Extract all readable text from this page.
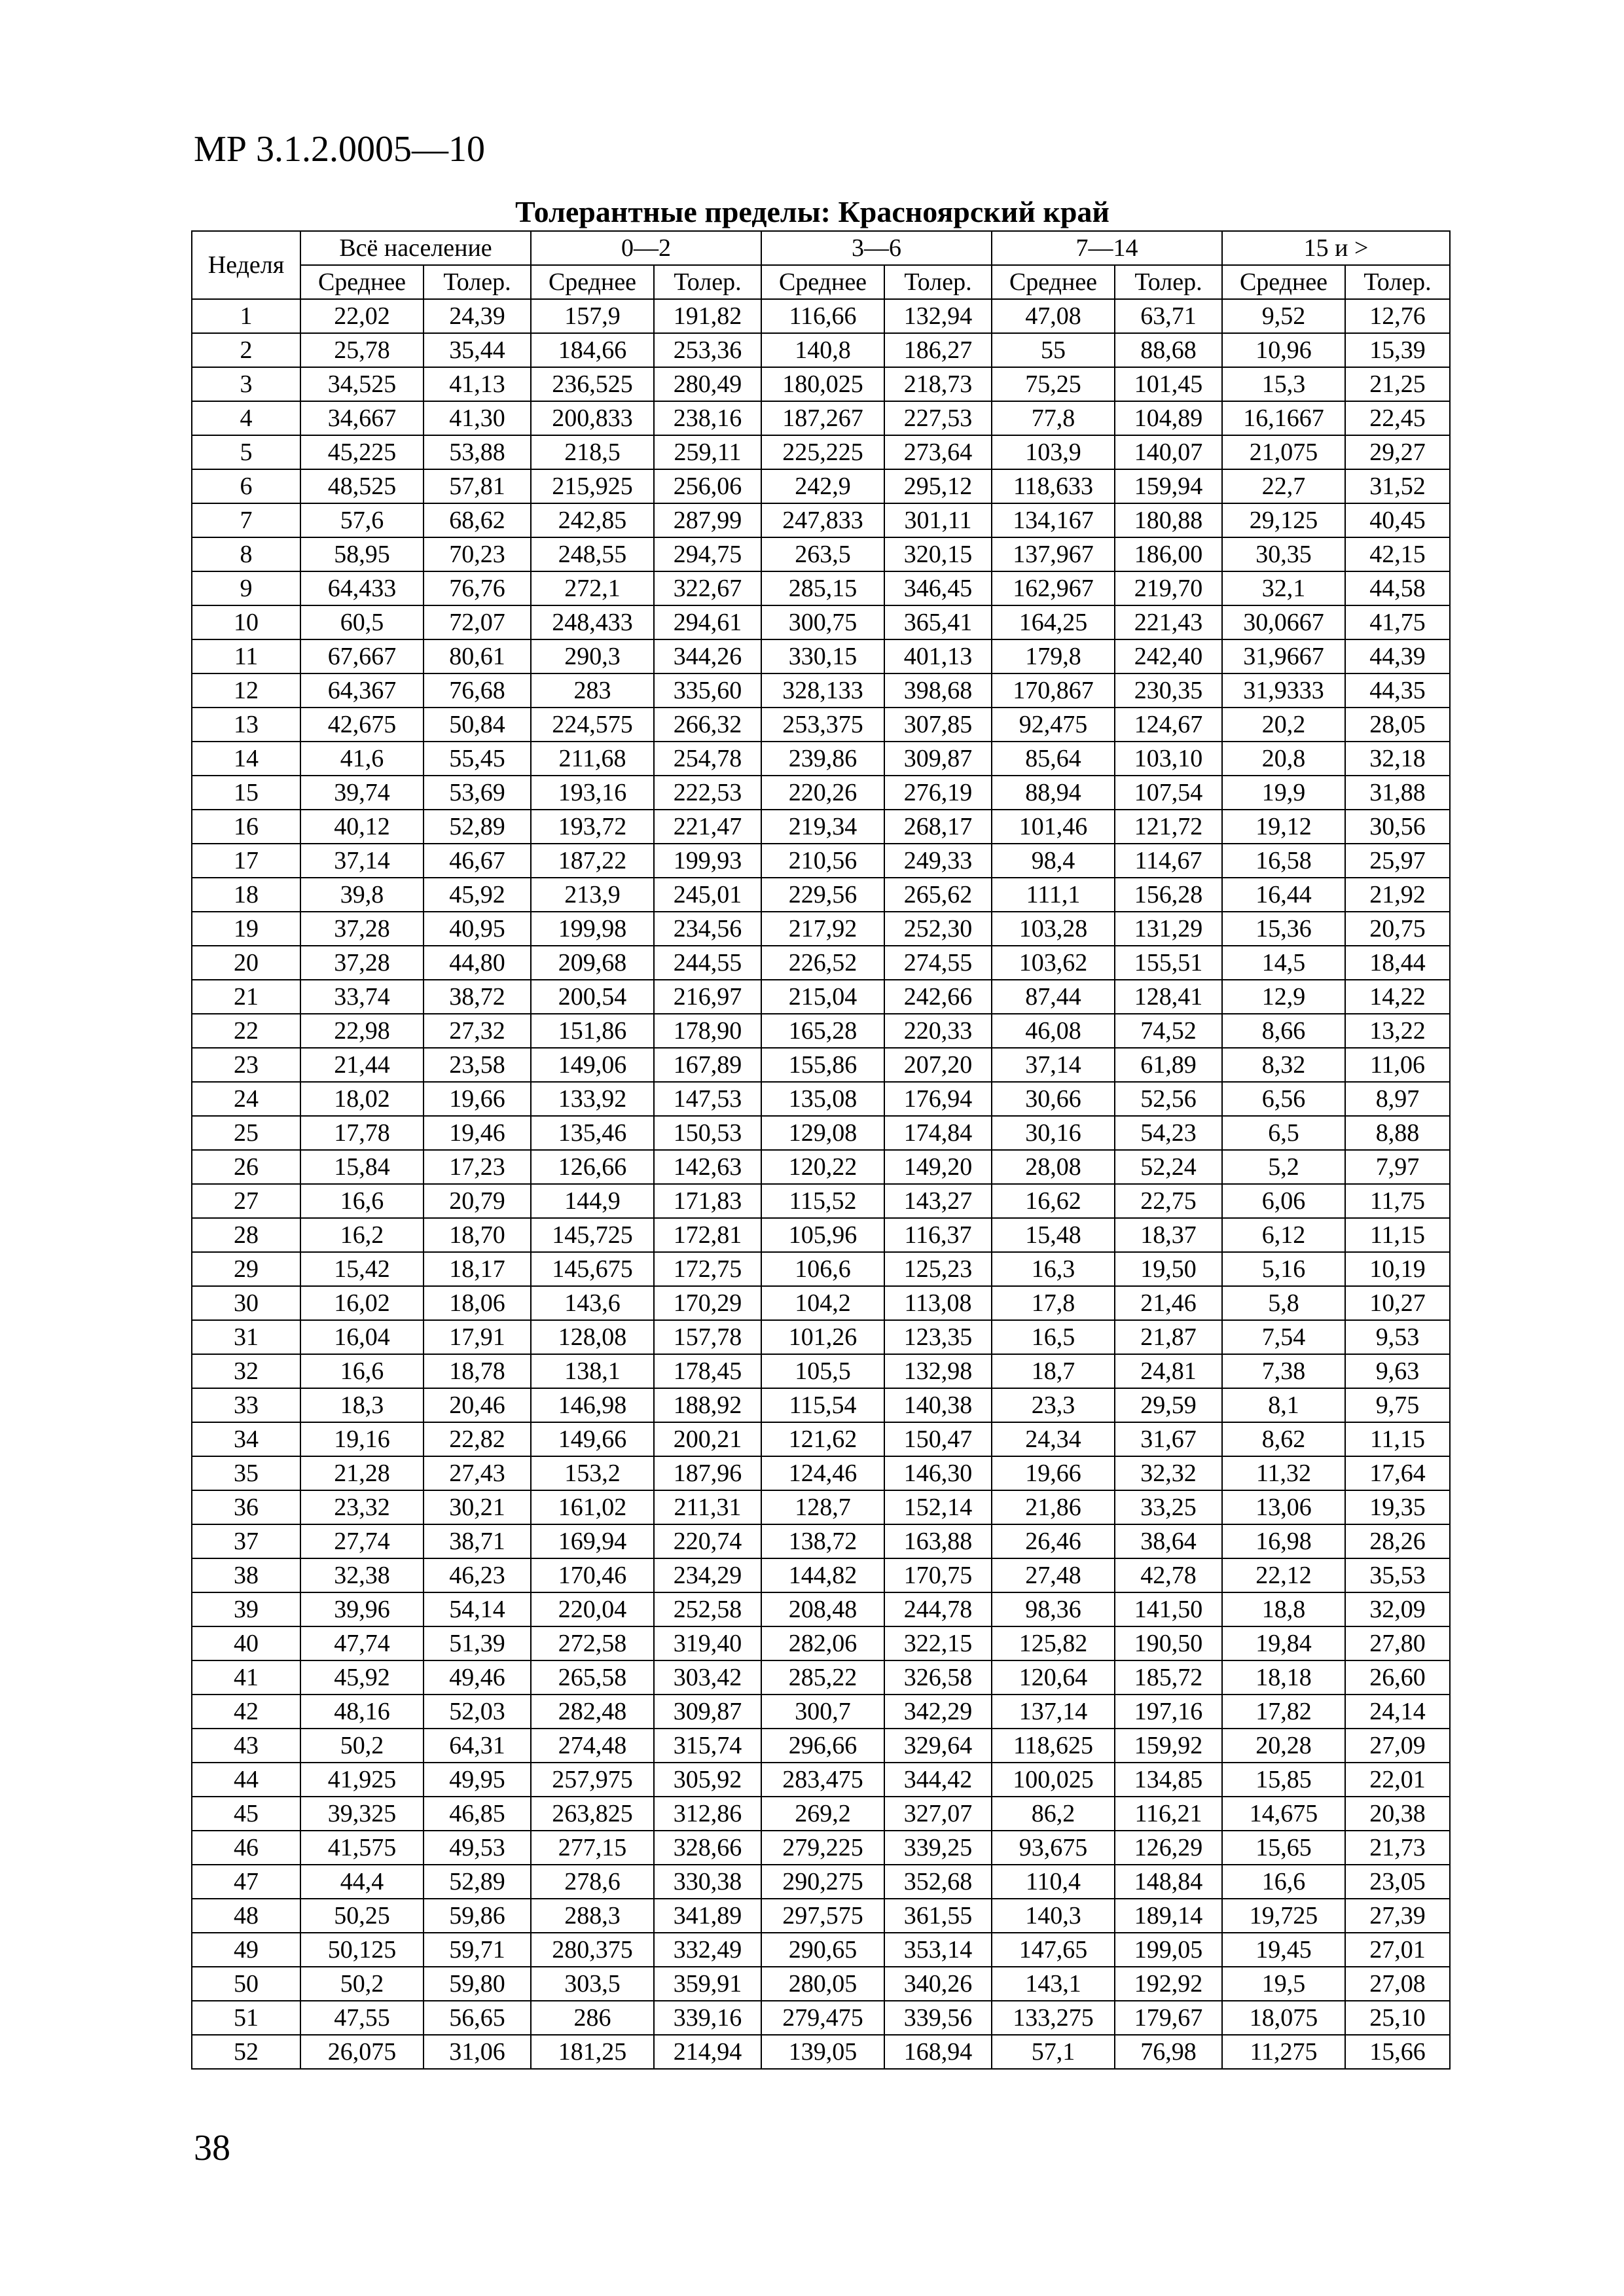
МР 3.1.2.0005—10
Толерантные пределы: Красноярский край
Неделя	Всё население		0—2		3—6		7—14		15 и >	
	Среднее	Толер.	Среднее	Толер.	Среднее	Толер.	Среднее	Толер.	Среднее	Толер.
1	22,02	24,39	157,9	191,82	116,66	132,94	47,08	63,71	9,52	12,76
2	25,78	35,44	184,66	253,36	140,8	186,27	55	88,68	10,96	15,39
3	34,525	41,13	236,525	280,49	180,025	218,73	75,25	101,45	15,3	21,25
4	34,667	41,30	200,833	238,16	187,267	227,53	77,8	104,89	16,1667	22,45
5	45,225	53,88	218,5	259,11	225,225	273,64	103,9	140,07	21,075	29,27
6	48,525	57,81	215,925	256,06	242,9	295,12	118,633	159,94	22,7	31,52
7	57,6	68,62	242,85	287,99	247,833	301,11	134,167	180,88	29,125	40,45
8	58,95	70,23	248,55	294,75	263,5	320,15	137,967	186,00	30,35	42,15
9	64,433	76,76	272,1	322,67	285,15	346,45	162,967	219,70	32,1	44,58
10	60,5	72,07	248,433	294,61	300,75	365,41	164,25	221,43	30,0667	41,75
11	67,667	80,61	290,3	344,26	330,15	401,13	179,8	242,40	31,9667	44,39
12	64,367	76,68	283	335,60	328,133	398,68	170,867	230,35	31,9333	44,35
13	42,675	50,84	224,575	266,32	253,375	307,85	92,475	124,67	20,2	28,05
14	41,6	55,45	211,68	254,78	239,86	309,87	85,64	103,10	20,8	32,18
15	39,74	53,69	193,16	222,53	220,26	276,19	88,94	107,54	19,9	31,88
16	40,12	52,89	193,72	221,47	219,34	268,17	101,46	121,72	19,12	30,56
17	37,14	46,67	187,22	199,93	210,56	249,33	98,4	114,67	16,58	25,97
18	39,8	45,92	213,9	245,01	229,56	265,62	111,1	156,28	16,44	21,92
19	37,28	40,95	199,98	234,56	217,92	252,30	103,28	131,29	15,36	20,75
20	37,28	44,80	209,68	244,55	226,52	274,55	103,62	155,51	14,5	18,44
21	33,74	38,72	200,54	216,97	215,04	242,66	87,44	128,41	12,9	14,22
22	22,98	27,32	151,86	178,90	165,28	220,33	46,08	74,52	8,66	13,22
23	21,44	23,58	149,06	167,89	155,86	207,20	37,14	61,89	8,32	11,06
24	18,02	19,66	133,92	147,53	135,08	176,94	30,66	52,56	6,56	8,97
25	17,78	19,46	135,46	150,53	129,08	174,84	30,16	54,23	6,5	8,88
26	15,84	17,23	126,66	142,63	120,22	149,20	28,08	52,24	5,2	7,97
27	16,6	20,79	144,9	171,83	115,52	143,27	16,62	22,75	6,06	11,75
28	16,2	18,70	145,725	172,81	105,96	116,37	15,48	18,37	6,12	11,15
29	15,42	18,17	145,675	172,75	106,6	125,23	16,3	19,50	5,16	10,19
30	16,02	18,06	143,6	170,29	104,2	113,08	17,8	21,46	5,8	10,27
31	16,04	17,91	128,08	157,78	101,26	123,35	16,5	21,87	7,54	9,53
32	16,6	18,78	138,1	178,45	105,5	132,98	18,7	24,81	7,38	9,63
33	18,3	20,46	146,98	188,92	115,54	140,38	23,3	29,59	8,1	9,75
34	19,16	22,82	149,66	200,21	121,62	150,47	24,34	31,67	8,62	11,15
35	21,28	27,43	153,2	187,96	124,46	146,30	19,66	32,32	11,32	17,64
36	23,32	30,21	161,02	211,31	128,7	152,14	21,86	33,25	13,06	19,35
37	27,74	38,71	169,94	220,74	138,72	163,88	26,46	38,64	16,98	28,26
38	32,38	46,23	170,46	234,29	144,82	170,75	27,48	42,78	22,12	35,53
39	39,96	54,14	220,04	252,58	208,48	244,78	98,36	141,50	18,8	32,09
40	47,74	51,39	272,58	319,40	282,06	322,15	125,82	190,50	19,84	27,80
41	45,92	49,46	265,58	303,42	285,22	326,58	120,64	185,72	18,18	26,60
42	48,16	52,03	282,48	309,87	300,7	342,29	137,14	197,16	17,82	24,14
43	50,2	64,31	274,48	315,74	296,66	329,64	118,625	159,92	20,28	27,09
44	41,925	49,95	257,975	305,92	283,475	344,42	100,025	134,85	15,85	22,01
45	39,325	46,85	263,825	312,86	269,2	327,07	86,2	116,21	14,675	20,38
46	41,575	49,53	277,15	328,66	279,225	339,25	93,675	126,29	15,65	21,73
47	44,4	52,89	278,6	330,38	290,275	352,68	110,4	148,84	16,6	23,05
48	50,25	59,86	288,3	341,89	297,575	361,55	140,3	189,14	19,725	27,39
49	50,125	59,71	280,375	332,49	290,65	353,14	147,65	199,05	19,45	27,01
50	50,2	59,80	303,5	359,91	280,05	340,26	143,1	192,92	19,5	27,08
51	47,55	56,65	286	339,16	279,475	339,56	133,275	179,67	18,075	25,10
52	26,075	31,06	181,25	214,94	139,05	168,94	57,1	76,98	11,275	15,66
38
